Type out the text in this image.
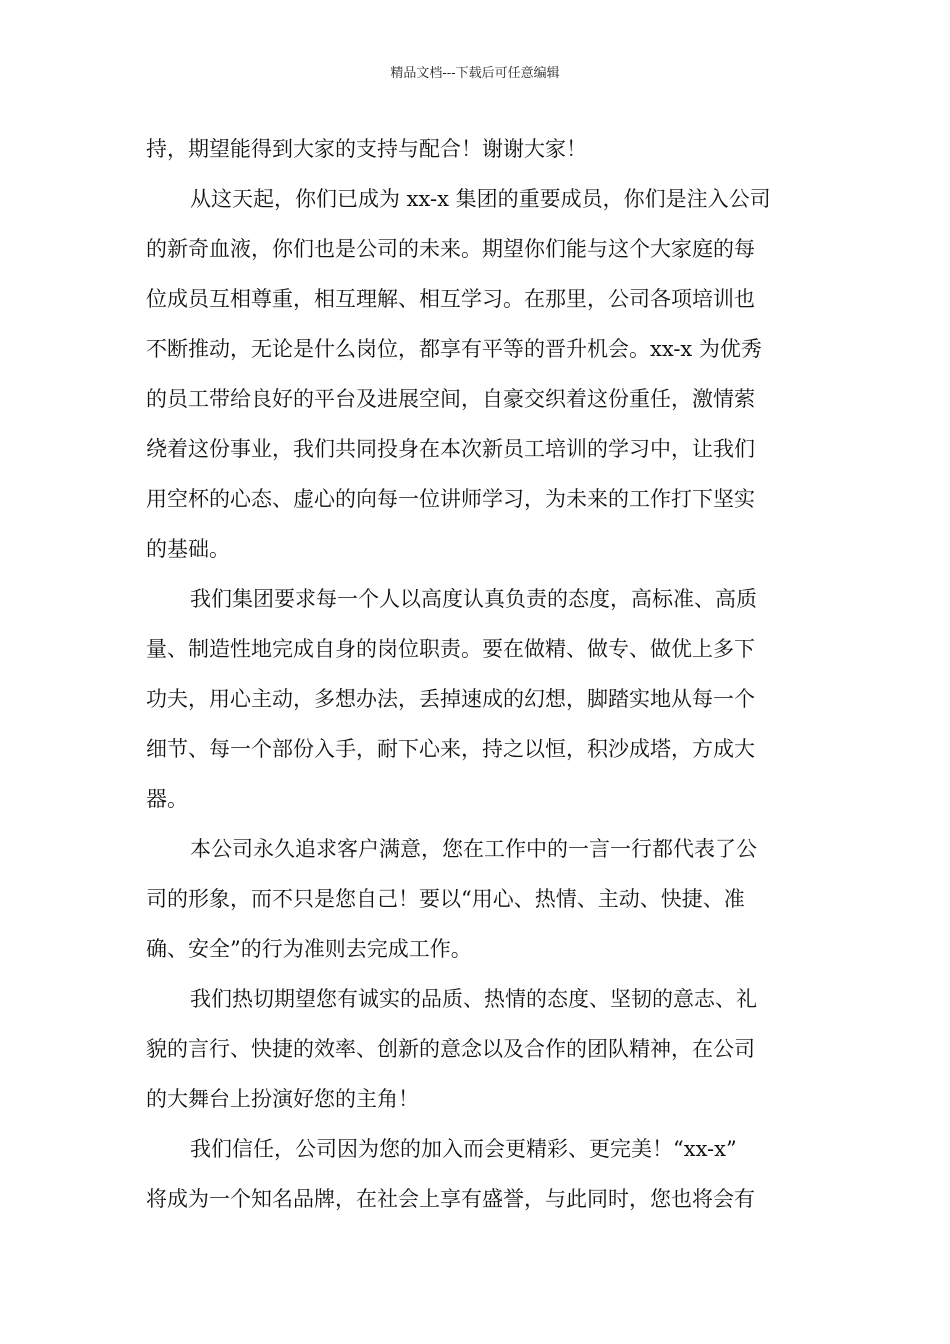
精品文档---下载后可任意编辑
持，期望能得到大家的支持与配合！谢谢大家！
从这天起，你们已成为 xx-x 集团的重要成员，你们是注入公司
的新奇血液，你们也是公司的未来。期望你们能与这个大家庭的每
位成员互相尊重，相互理解、相互学习。在那里，公司各项培训也
不断推动，无论是什么岗位，都享有平等的晋升机会。xx-x 为优秀
的员工带给良好的平台及进展空间，自豪交织着这份重任，激情萦
绕着这份事业，我们共同投身在本次新员工培训的学习中，让我们
用空杯的心态、虚心的向每一位讲师学习，为未来的工作打下坚实
的基础。
我们集团要求每一个人以高度认真负责的态度，高标准、高质
量、制造性地完成自身的岗位职责。要在做精、做专、做优上多下
功夫，用心主动，多想办法，丢掉速成的幻想，脚踏实地从每一个
细节、每一个部份入手，耐下心来，持之以恒，积沙成塔，方成大
器。
本公司永久追求客户满意，您在工作中的一言一行都代表了公
司的形象，而不只是您自己！要以“用心、热情、主动、快捷、准
确、安全”的行为准则去完成工作。
我们热切期望您有诚实的品质、热情的态度、坚韧的意志、礼
貌的言行、快捷的效率、创新的意念以及合作的团队精神，在公司
的大舞台上扮演好您的主角！
我们信任，公司因为您的加入而会更精彩、更完美！“xx-x”
将成为一个知名品牌，在社会上享有盛誉，与此同时，您也将会有
